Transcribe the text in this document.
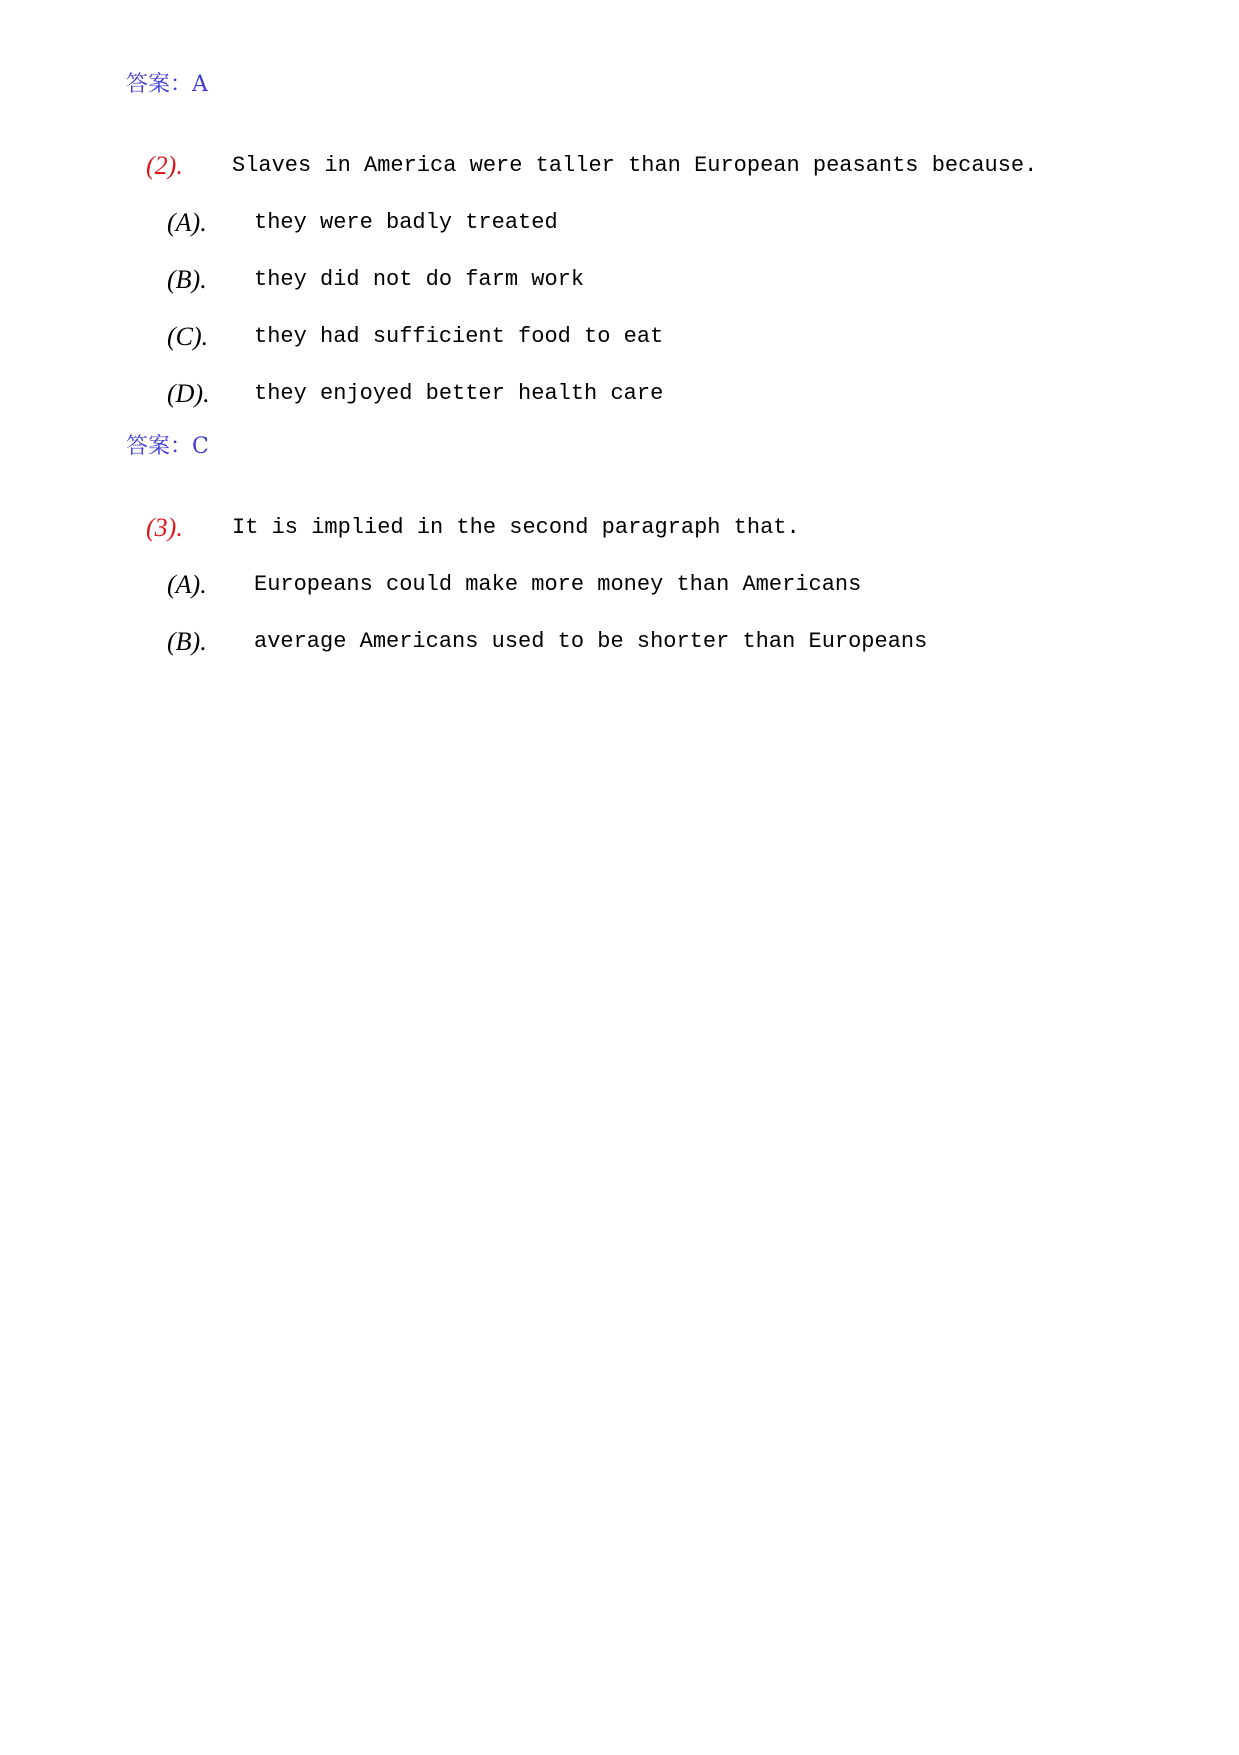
答案：A
(2). Slaves in America were taller than European peasants because.
(A). they were badly treated
(B). they did not do farm work
(C). they had sufficient food to eat
(D). they enjoyed better health care
答案：C
(3). It is implied in the second paragraph that.
(A). Europeans could make more money than Americans
(B). average Americans used to be shorter than Europeans
